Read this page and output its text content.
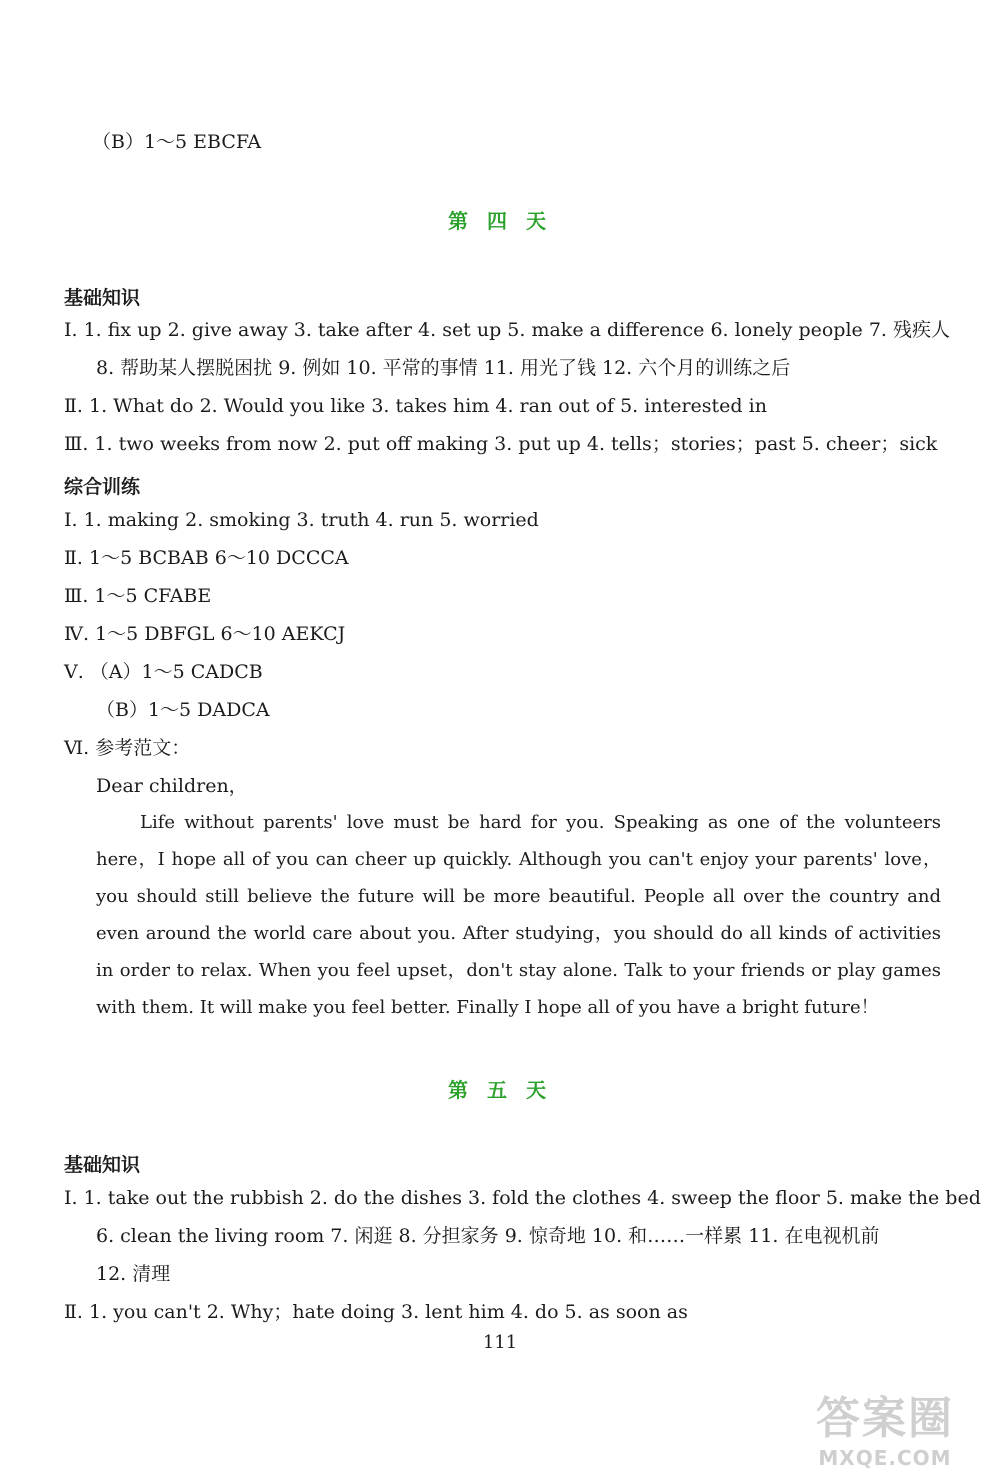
（B）1～5 EBCFA
第 四 天
基础知识
Ⅰ. 1. fix up 2. give away 3. take after 4. set up 5. make a difference 6. lonely people 7. 残疾人
8. 帮助某人摆脱困扰 9. 例如 10. 平常的事情 11. 用光了钱 12. 六个月的训练之后
Ⅱ. 1. What do 2. Would you like 3. takes him 4. ran out of 5. interested in
Ⅲ. 1. two weeks from now 2. put off making 3. put up 4. tells；stories；past 5. cheer；sick
综合训练
Ⅰ. 1. making 2. smoking 3. truth 4. run 5. worried
Ⅱ. 1～5 BCBAB 6～10 DCCCA
Ⅲ. 1～5 CFABE
Ⅳ. 1～5 DBFGL 6～10 AEKCJ
Ⅴ. （A）1～5 CADCB
（B）1～5 DADCA
Ⅵ. 参考范文：
Dear children，
Life without parents' love must be hard for you. Speaking as one of the volunteers here，I hope all of you can cheer up quickly. Although you can't enjoy your parents' love，you should still believe the future will be more beautiful. People all over the country and even around the world care about you. After studying，you should do all kinds of activities in order to relax. When you feel upset，don't stay alone. Talk to your friends or play games with them. It will make you feel better. Finally I hope all of you have a bright future！
第 五 天
基础知识
Ⅰ. 1. take out the rubbish 2. do the dishes 3. fold the clothes 4. sweep the floor 5. make the bed
6. clean the living room 7. 闲逛 8. 分担家务 9. 惊奇地 10. 和……一样累 11. 在电视机前
12. 清理
Ⅱ. 1. you can't 2. Why；hate doing 3. lent him 4. do 5. as soon as
111
答案圈
MXQE.COM
